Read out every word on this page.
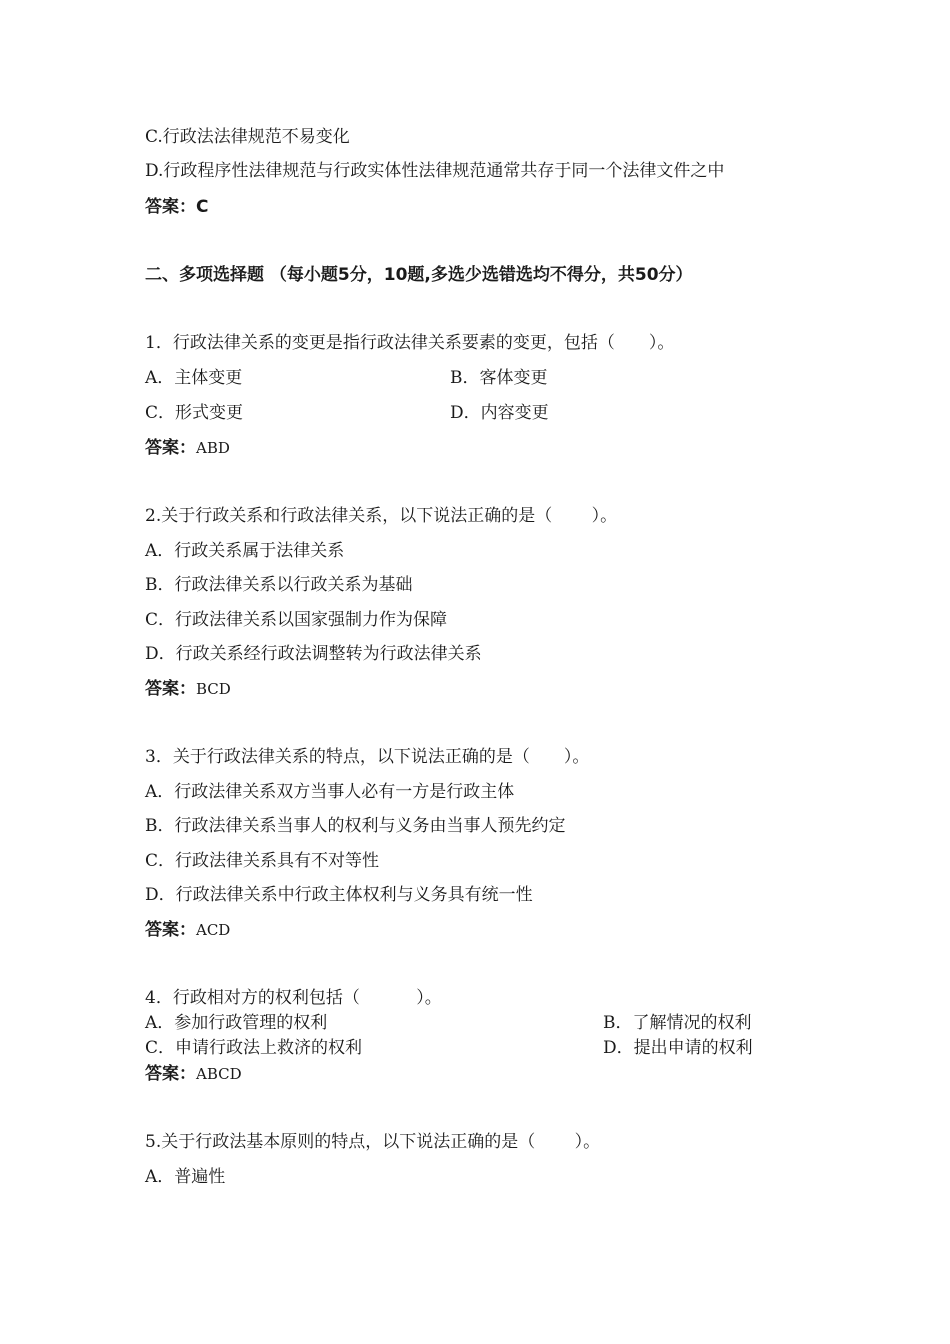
C.行政法法律规范不易变化
D.行政程序性法律规范与行政实体性法律规范通常共存于同一个法律文件之中
答案：C
二、多项选择题 （每小题5分，10题,多选少选错选均不得分，共50分）
1．行政法律关系的变更是指行政法律关系要素的变更，包括（　　）。
A．主体变更	B．客体变更
C．形式变更	D．内容变更
答案：ABD
2.关于行政关系和行政法律关系，以下说法正确的是（　　 ）。
A．行政关系属于法律关系
B．行政法律关系以行政关系为基础
C．行政法律关系以国家强制力作为保障
D．行政关系经行政法调整转为行政法律关系
答案：BCD
3．关于行政法律关系的特点，以下说法正确的是（　　）。
A．行政法律关系双方当事人必有一方是行政主体
B．行政法律关系当事人的权利与义务由当事人预先约定
C．行政法律关系具有不对等性
D．行政法律关系中行政主体权利与义务具有统一性
答案：ACD
4．行政相对方的权利包括（　　　 ）。
A．参加行政管理的权利	B．了解情况的权利
C．申请行政法上救济的权利	D．提出申请的权利
答案：ABCD
5.关于行政法基本原则的特点，以下说法正确的是（　　 ）。
A．普遍性
